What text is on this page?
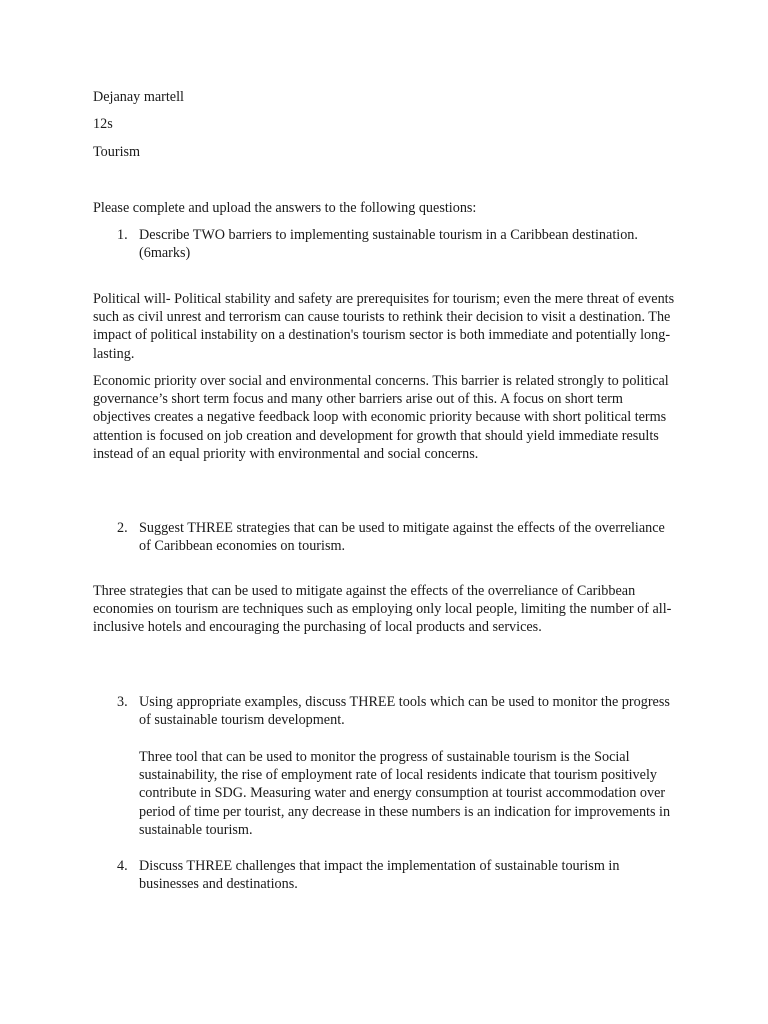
Dejanay martell

12s

Tourism

Please complete and upload the answers to the following questions:

1. Describe TWO barriers to implementing sustainable tourism in a Caribbean destination. (6marks)

Political will- Political stability and safety are prerequisites for tourism; even the mere threat of events such as civil unrest and terrorism can cause tourists to rethink their decision to visit a destination. The impact of political instability on a destination's tourism sector is both immediate and potentially long-lasting.

Economic priority over social and environmental concerns. This barrier is related strongly to political governance’s short term focus and many other barriers arise out of this. A focus on short term objectives creates a negative feedback loop with economic priority because with short political terms attention is focused on job creation and development for growth that should yield immediate results instead of an equal priority with environmental and social concerns.

2. Suggest THREE strategies that can be used to mitigate against the effects of the overreliance of Caribbean economies on tourism.

Three strategies that can be used to mitigate against the effects of the overreliance of Caribbean economies on tourism are techniques such as employing only local people, limiting the number of all-inclusive hotels and encouraging the purchasing of local products and services.

3. Using appropriate examples, discuss THREE tools which can be used to monitor the progress of sustainable tourism development.

Three tool that can be used to monitor the progress of sustainable tourism is the Social sustainability, the rise of employment rate of local residents indicate that tourism positively contribute in SDG. Measuring water and energy consumption at tourist accommodation over period of time per tourist, any decrease in these numbers is an indication for improvements in sustainable tourism.

4. Discuss THREE challenges that impact the implementation of sustainable tourism in businesses and destinations.
